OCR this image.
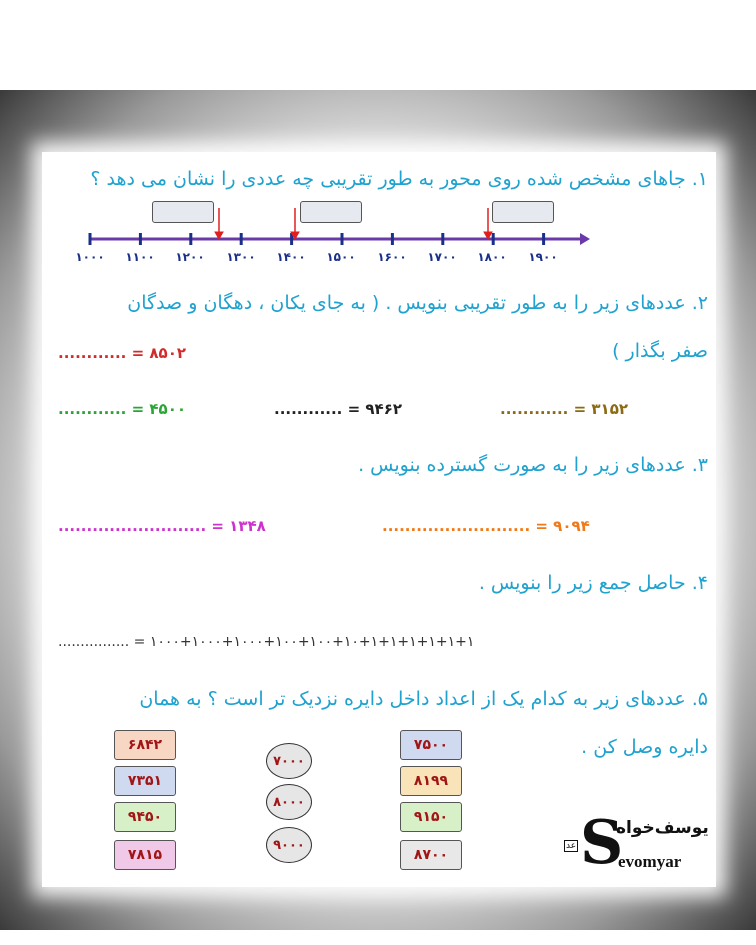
۱. جاهای مشخص شده روی محور به طور تقریبی چه عددی را نشان می دهد ؟
۱۰۰۰ ۱۱۰۰ ۱۲۰۰ ۱۳۰۰ ۱۴۰۰ ۱۵۰۰ ۱۶۰۰ ۱۷۰۰ ۱۸۰۰ ۱۹۰۰
۲. عددهای زیر را به طور تقریبی بنویس . ( به جای یکان ، دهگان و صدگان
صفر بگذار )
۸۵۰۲ = ............
۴۵۰۰ = ............	۹۴۶۲ = ............	۳۱۵۲ = ............
۳. عددهای زیر را به صورت گسترده بنویس .
۱۳۴۸ = ..........................	۹۰۹۴ = ..........................
۴. حاصل جمع زیر را بنویس .
۱۰۰۰+۱۰۰۰+۱۰۰۰+۱۰۰+۱۰۰+۱۰+۱+۱+۱+۱+۱+۱ = ................
۵. عددهای زیر به کدام یک از اعداد داخل دایره نزدیک تر است ؟ به همان
دایره وصل کن .
۶۸۴۲
۷۳۵۱
۹۴۵۰
۷۸۱۵
۷۰۰۰
۸۰۰۰
۹۰۰۰
۷۵۰۰
۸۱۹۹
۹۱۵۰
۸۷۰۰ S
یوسف‌خواه
evomyar
عد
